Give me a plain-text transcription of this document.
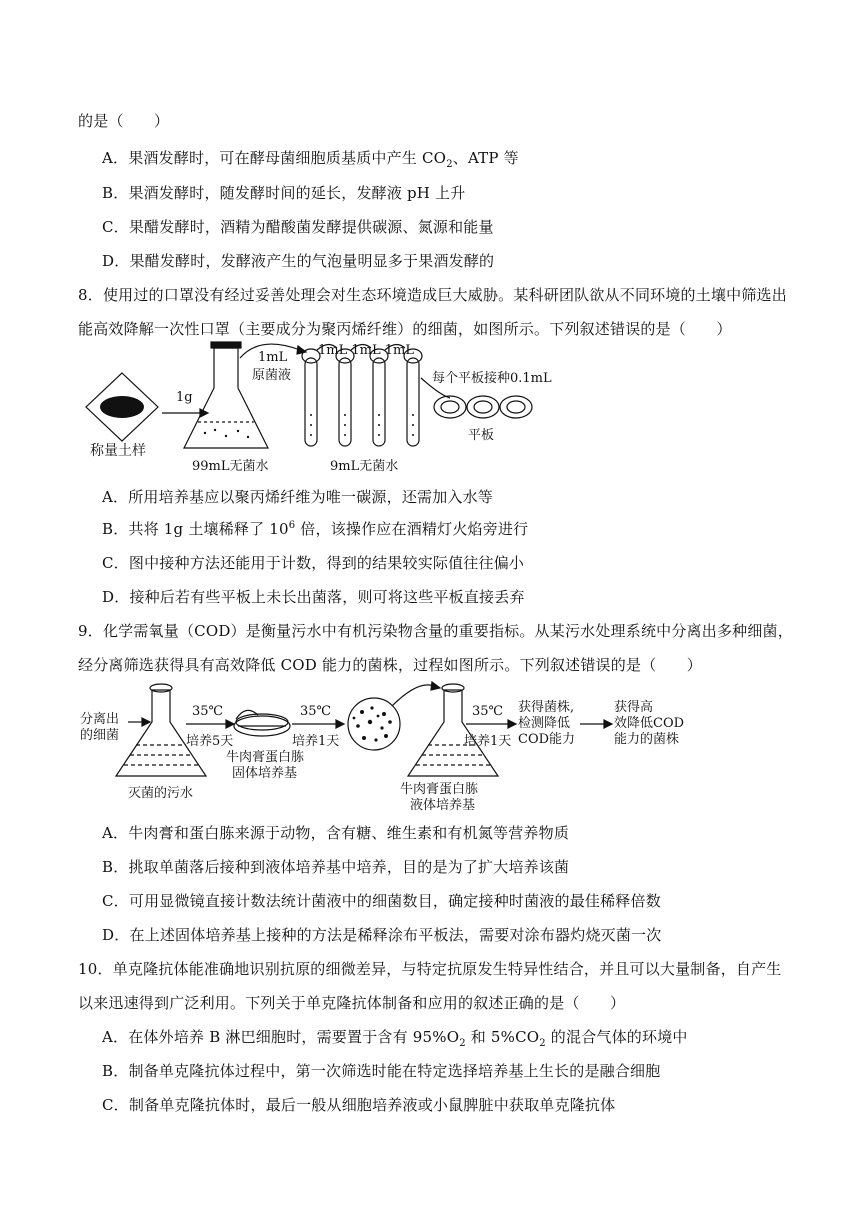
的是（　　）
A．果酒发酵时，可在酵母菌细胞质基质中产生 $CO_2$、ATP 等
B．果酒发酵时，随发酵时间的延长，发酵液 pH 上升
C．果醋发酵时，酒精为醋酸菌发酵提供碳源、氮源和能量
D．果醋发酵时，发酵液产生的气泡量明显多于果酒发酵的
8．使用过的口罩没有经过妥善处理会对生态环境造成巨大威胁。某科研团队欲从不同环境的土壤中筛选出
能高效降解一次性口罩（主要成分为聚丙烯纤维）的细菌，如图所示。下列叙述错误的是（　　）
称量土样
1g
99mL无菌水
1mL
原菌液
1mL 1mL 1mL
9mL无菌水
每个平板接种0.1mL
平板
A．所用培养基应以聚丙烯纤维为唯一碳源，还需加入水等
B．共将 1g 土壤稀释了 $10^6$ 倍，该操作应在酒精灯火焰旁进行
C．图中接种方法还能用于计数，得到的结果较实际值往往偏小
D．接种后若有些平板上未长出菌落，则可将这些平板直接丢弃
9．化学需氧量（COD）是衡量污水中有机污染物含量的重要指标。从某污水处理系统中分离出多种细菌，
经分离筛选获得具有高效降低 COD 能力的菌株，过程如图所示。下列叙述错误的是（　　）
分离出
的细菌
35℃
培养5天
灭菌的污水
35℃
培养1天
牛肉膏蛋白胨
固体培养基
35℃
培养1天
牛肉膏蛋白胨
液体培养基
获得菌株,
检测降低
COD能力
获得高
效降低COD
能力的菌株
A．牛肉膏和蛋白胨来源于动物，含有糖、维生素和有机氮等营养物质
B．挑取单菌落后接种到液体培养基中培养，目的是为了扩大培养该菌
C．可用显微镜直接计数法统计菌液中的细菌数目，确定接种时菌液的最佳稀释倍数
D．在上述固体培养基上接种的方法是稀释涂布平板法，需要对涂布器灼烧灭菌一次
10．单克隆抗体能准确地识别抗原的细微差异，与特定抗原发生特异性结合，并且可以大量制备，自产生
以来迅速得到广泛利用。下列关于单克隆抗体制备和应用的叙述正确的是（　　）
A．在体外培养 B 淋巴细胞时，需要置于含有 $95\%O_2$ 和 $5\%CO_2$ 的混合气体的环境中
B．制备单克隆抗体过程中，第一次筛选时能在特定选择培养基上生长的是融合细胞
C．制备单克隆抗体时，最后一般从细胞培养液或小鼠脾脏中获取单克隆抗体
